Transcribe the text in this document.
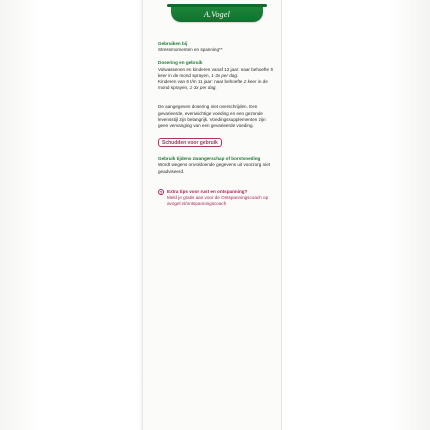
A.Vogel
Gebruiken bij
Stressmomenten en spanning**
Dosering en gebruik
Volwassenen en kinderen vanaf 12 jaar: naar behoefte 5 keer in de mond sprayen, 1-3x per dag.
Kinderen van 6 t/m 11 jaar: naar behoefte 2 keer in de mond sprayen, 1-3x per dag.
De aangegeven dosering niet overschrijden. Een gevarieerde, evenwichtige voeding en een gezonde levensstijl zijn belangrijk. Voedingssupplementen zijn geen vervanging van een gevarieerde voeding.
Schudden voor gebruik
Gebruik tijdens zwangerschap of borstvoeding
Wordt wegens onvoldoende gegevens uit voorzorg niet geadviseerd.
?	Extra tips voor rust en ontspanning?
Meld je gratis aan voor de Ontspanningscoach op avogel.nl/ontspanningscoach
